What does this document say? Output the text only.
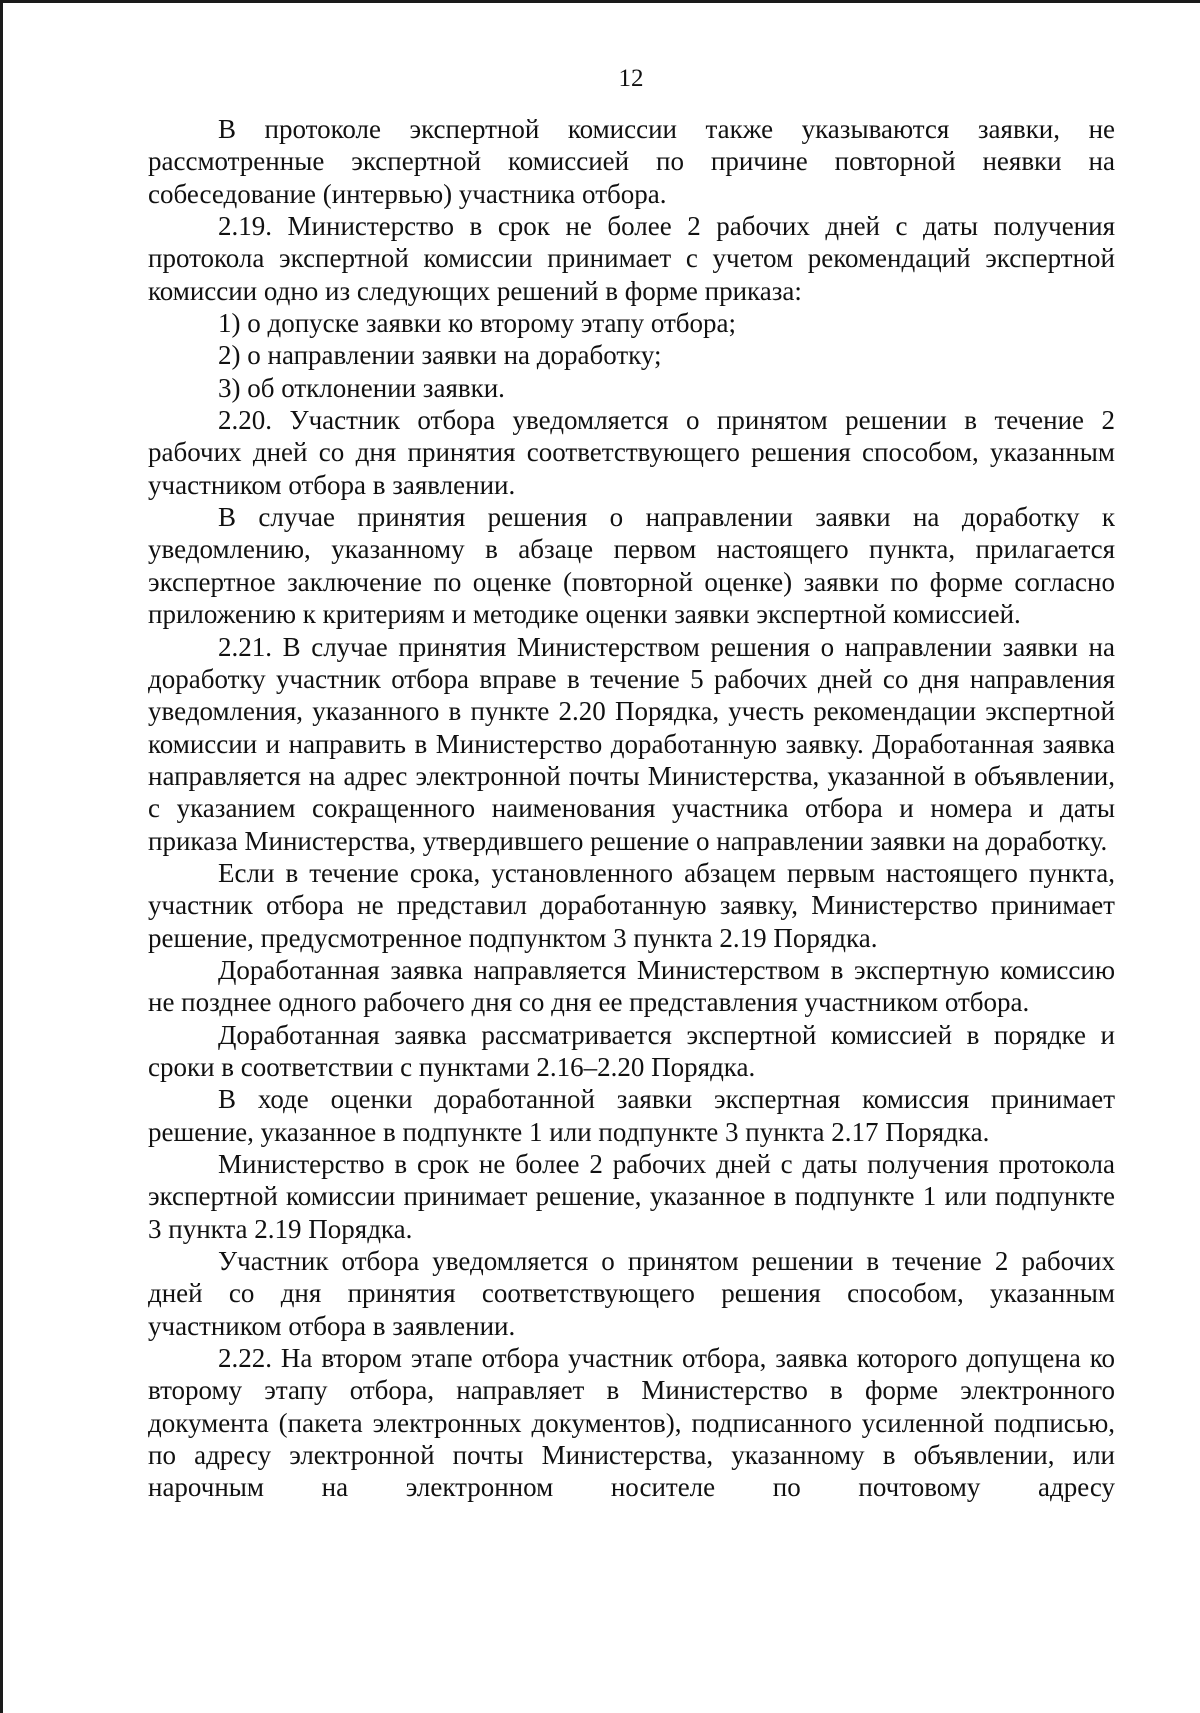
12

В протоколе экспертной комиссии также указываются заявки, не рассмотренные экспертной комиссией по причине повторной неявки на собеседование (интервью) участника отбора.

2.19. Министерство в срок не более 2 рабочих дней с даты получения протокола экспертной комиссии принимает с учетом рекомендаций экспертной комиссии одно из следующих решений в форме приказа:

1) о допуске заявки ко второму этапу отбора;

2) о направлении заявки на доработку;

3) об отклонении заявки.

2.20. Участник отбора уведомляется о принятом решении в течение 2 рабочих дней со дня принятия соответствующего решения способом, указанным участником отбора в заявлении.

В случае принятия решения о направлении заявки на доработку к уведомлению, указанному в абзаце первом настоящего пункта, прилагается экспертное заключение по оценке (повторной оценке) заявки по форме согласно приложению к критериям и методике оценки заявки экспертной комиссией.

2.21. В случае принятия Министерством решения о направлении заявки на доработку участник отбора вправе в течение 5 рабочих дней со дня направления уведомления, указанного в пункте 2.20 Порядка, учесть рекомендации экспертной комиссии и направить в Министерство доработанную заявку. Доработанная заявка направляется на адрес электронной почты Министерства, указанной в объявлении, с указанием сокращенного наименования участника отбора и номера и даты приказа Министерства, утвердившего решение о направлении заявки на доработку.

Если в течение срока, установленного абзацем первым настоящего пункта, участник отбора не представил доработанную заявку, Министерство принимает решение, предусмотренное подпунктом 3 пункта 2.19 Порядка.

Доработанная заявка направляется Министерством в экспертную комиссию не позднее одного рабочего дня со дня ее представления участником отбора.

Доработанная заявка рассматривается экспертной комиссией в порядке и сроки в соответствии с пунктами 2.16–2.20 Порядка.

В ходе оценки доработанной заявки экспертная комиссия принимает решение, указанное в подпункте 1 или подпункте 3 пункта 2.17 Порядка.

Министерство в срок не более 2 рабочих дней с даты получения протокола экспертной комиссии принимает решение, указанное в подпункте 1 или подпункте 3 пункта 2.19 Порядка.

Участник отбора уведомляется о принятом решении в течение 2 рабочих дней со дня принятия соответствующего решения способом, указанным участником отбора в заявлении.

2.22. На втором этапе отбора участник отбора, заявка которого допущена ко второму этапу отбора, направляет в Министерство в форме электронного документа (пакета электронных документов), подписанного усиленной подписью, по адресу электронной почты Министерства, указанному в объявлении, или нарочным на электронном носителе по почтовому адресу
